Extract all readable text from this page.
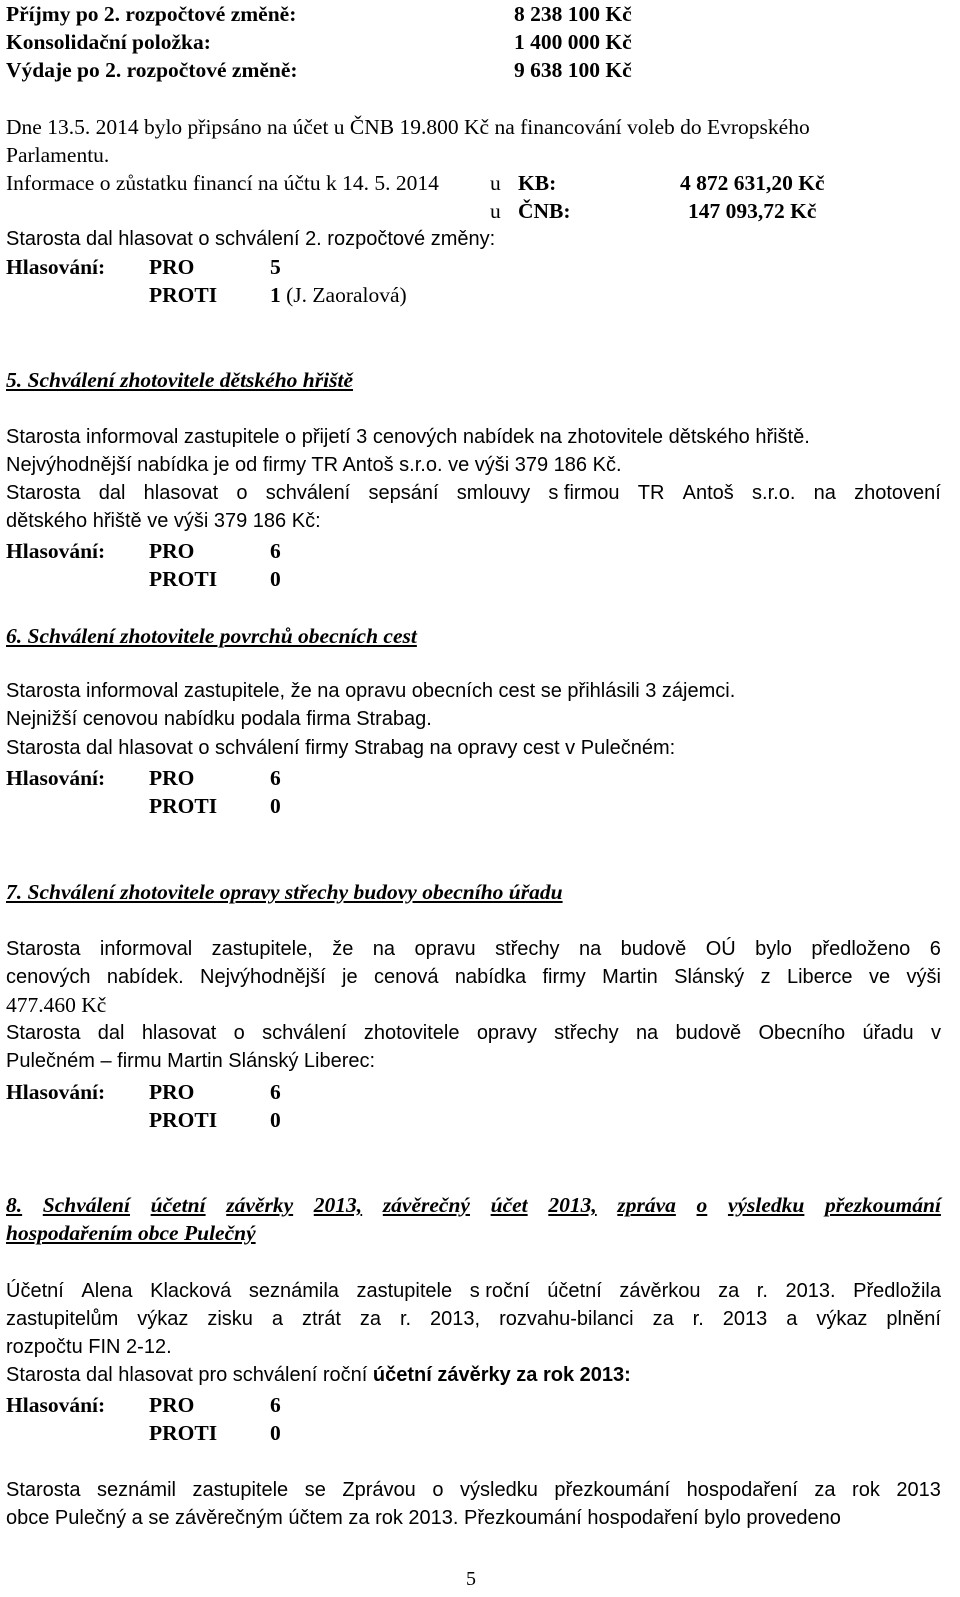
Příjmy po 2. rozpočtové změně:	8 238 100 Kč
Konsolidační položka:	1 400 000 Kč
Výdaje po 2. rozpočtové změně:	9 638 100 Kč
Dne 13.5. 2014 bylo připsáno na účet u ČNB 19.800 Kč na financování voleb do Evropského
Parlamentu.
Informace o zůstatku financí na účtu k 14. 5. 2014 u KB:	4 872 631,20 Kč
u ČNB:	147 093,72 Kč
Starosta dal hlasovat o schválení 2. rozpočtové změny:
Hlasování: PRO	5
PROTI 1 (J. Zaoralová)
5. Schválení zhotovitele dětského hřiště
Starosta informoval zastupitele o přijetí 3 cenových nabídek na zhotovitele dětského hřiště.
Nejvýhodnější nabídka je od firmy TR Antoš s.r.o. ve výši 379 186 Kč.
Starosta dal hlasovat o schválení sepsání smlouvy s firmou TR Antoš s.r.o. na zhotovení
dětského hřiště ve výši 379 186 Kč:
Hlasování: PRO	6
PROTI 0
6. Schválení zhotovitele povrchů obecních cest
Starosta informoval zastupitele, že na opravu obecních cest se přihlásili 3 zájemci.
Nejnižší cenovou nabídku podala firma Strabag.
Starosta dal hlasovat o schválení firmy Strabag na opravy cest v Pulečném:
Hlasování: PRO	6
PROTI 0
7. Schválení zhotovitele opravy střechy budovy obecního úřadu
Starosta informoval zastupitele, že na opravu střechy na budově OÚ bylo předloženo 6
cenových nabídek. Nejvýhodnější je cenová nabídka firmy Martin Slánský z Liberce ve výši
477.460 Kč
Starosta dal hlasovat o schválení zhotovitele opravy střechy na budově Obecního úřadu v
Pulečném – firmu Martin Slánský Liberec:
Hlasování: PRO	6
PROTI 0
8. Schválení účetní závěrky 2013, závěrečný účet 2013, zpráva o výsledku přezkoumání
hospodařením obce Pulečný
Účetní Alena Klacková seznámila zastupitele s roční účetní závěrkou za r. 2013. Předložila
zastupitelům výkaz zisku a ztrát za r. 2013, rozvahu-bilanci za r. 2013 a výkaz plnění
rozpočtu FIN 2-12.
Starosta dal hlasovat pro schválení roční účetní závěrky za rok 2013:
Hlasování: PRO	6
PROTI 0
Starosta seznámil zastupitele se Zprávou o výsledku přezkoumání hospodaření za rok 2013
obce Pulečný a se závěrečným účtem za rok 2013. Přezkoumání hospodaření bylo provedeno
5
